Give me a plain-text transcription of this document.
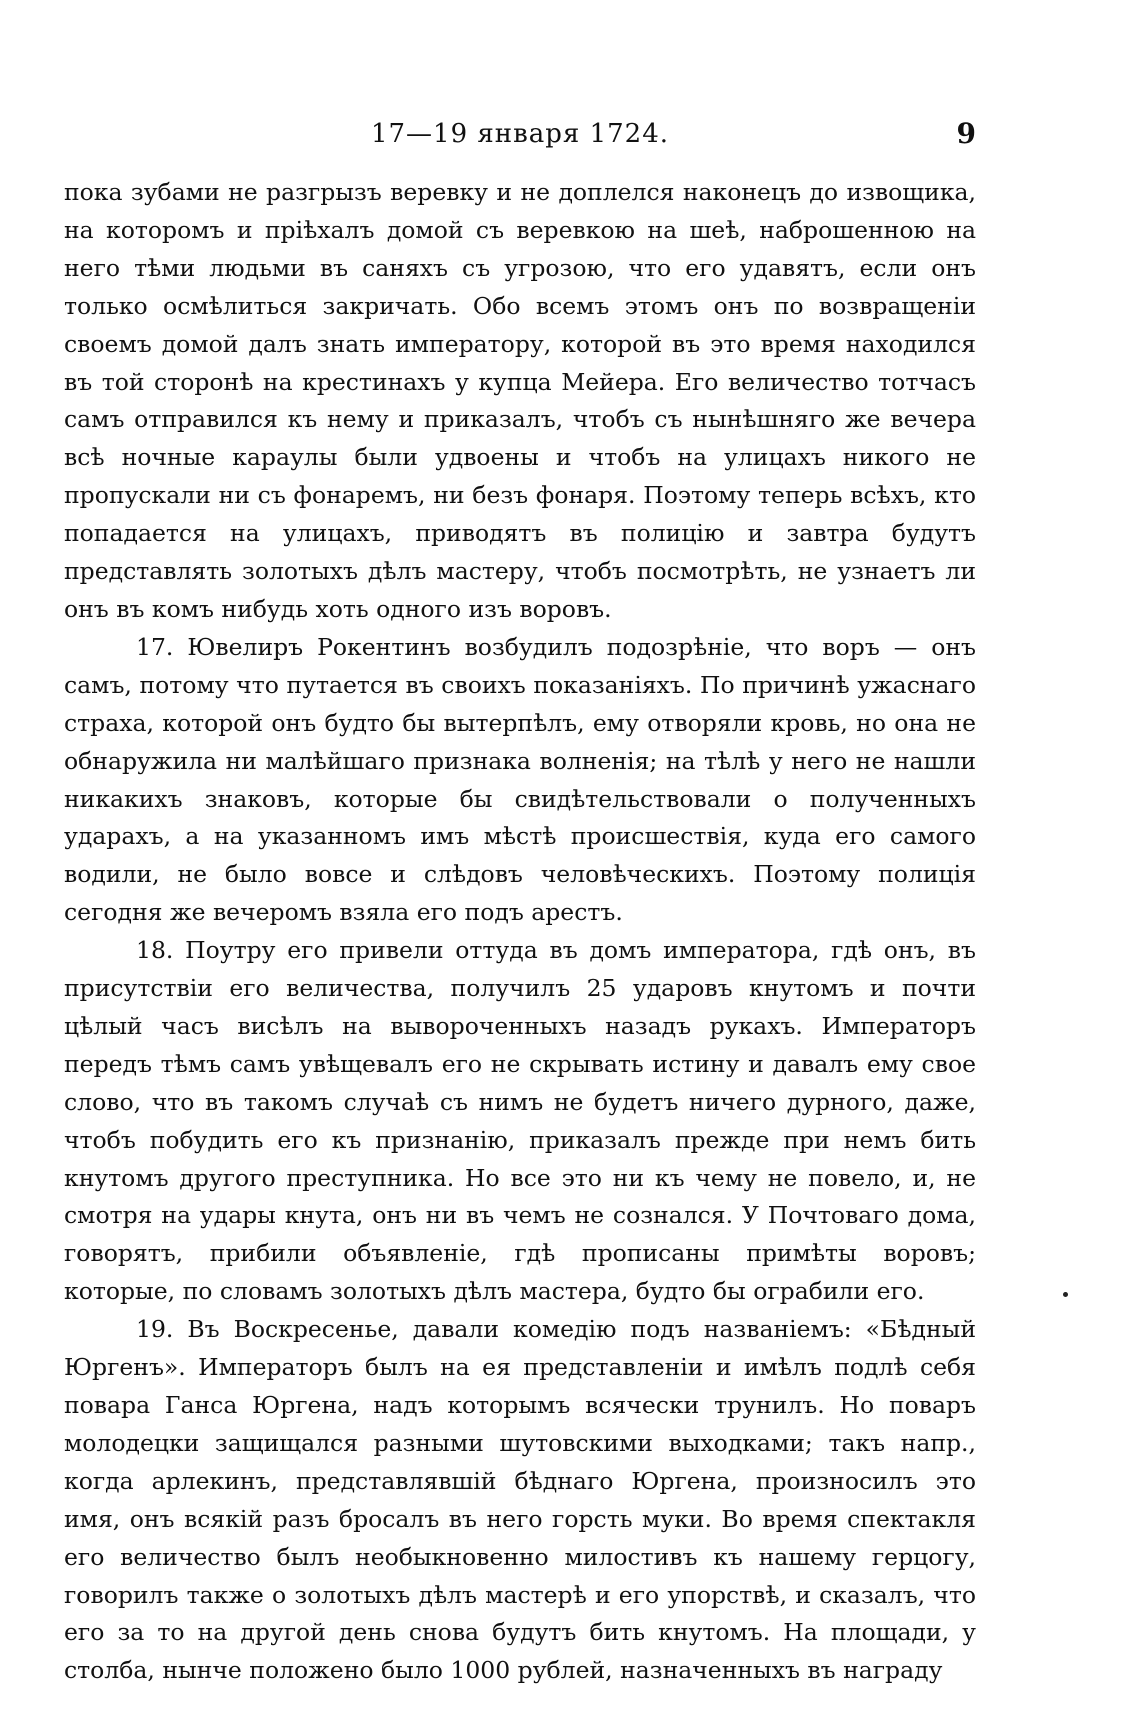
17—19 января 1724.	9

пока зубами не разгрызъ веревку и не доплелся наконецъ до извощика, на которомъ и пріѣхалъ домой съ веревкою на шеѣ, наброшенною на него тѣми людьми въ саняхъ съ угрозою, что его удавятъ, если онъ только осмѣлиться закричать. Обо всемъ этомъ онъ по возвращеніи своемъ домой далъ знать императору, которой въ это время находился въ той сторонѣ на крестинахъ у купца Мейера. Его величество тотчасъ самъ отправился къ нему и приказалъ, чтобъ съ нынѣшняго же вечера всѣ ночные караулы были удвоены и чтобъ на улицахъ никого не пропускали ни съ фонаремъ, ни безъ фонаря. Поэтому теперь всѣхъ, кто попадается на улицахъ, приводятъ въ полицію и завтра будутъ представлять золотыхъ дѣлъ мастеру, чтобъ посмотрѣть, не узнаетъ ли онъ въ комъ нибудь хоть одного изъ воровъ.

17. Ювелиръ Рокентинъ возбудилъ подозрѣніе, что воръ — онъ самъ, потому что путается въ своихъ показаніяхъ. По причинѣ ужаснаго страха, которой онъ будто бы вытерпѣлъ, ему отворяли кровь, но она не обнаружила ни малѣйшаго признака волненія; на тѣлѣ у него не нашли никакихъ знаковъ, которые бы свидѣтельствовали о полученныхъ ударахъ, а на указанномъ имъ мѣстѣ происшествія, куда его самого водили, не было вовсе и слѣдовъ человѣческихъ. Поэтому полиція сегодня же вечеромъ взяла его подъ арестъ.

18. Поутру его привели оттуда въ домъ императора, гдѣ онъ, въ присутствіи его величества, получилъ 25 ударовъ кнутомъ и почти цѣлый часъ висѣлъ на вывороченныхъ назадъ рукахъ. Императоръ передъ тѣмъ самъ увѣщевалъ его не скрывать истину и давалъ ему свое слово, что въ такомъ случаѣ съ нимъ не будетъ ничего дурного, даже, чтобъ побудить его къ признанію, приказалъ прежде при немъ бить кнутомъ другого преступника. Но все это ни къ чему не повело, и, не смотря на удары кнута, онъ ни въ чемъ не сознался. У Почтоваго дома, говорятъ, прибили объявленіе, гдѣ прописаны примѣты воровъ; которые, по словамъ золотыхъ дѣлъ мастера, будто бы ограбили его.

19. Въ Воскресенье, давали комедію подъ названіемъ: «Бѣдный Юргенъ». Императоръ былъ на ея представленіи и имѣлъ подлѣ себя повара Ганса Юргена, надъ которымъ всячески трунилъ. Но поваръ молодецки защищался разными шутовскими выходками; такъ напр., когда арлекинъ, представлявшій бѣднаго Юргена, произносилъ это имя, онъ всякій разъ бросалъ въ него горсть муки. Во время спектакля его величество былъ необыкновенно милостивъ къ нашему герцогу, говорилъ также о золотыхъ дѣлъ мастерѣ и его упорствѣ, и сказалъ, что его за то на другой день снова будутъ бить кнутомъ. На площади, у столба, нынче положено было 1000 рублей, назначенныхъ въ награду
